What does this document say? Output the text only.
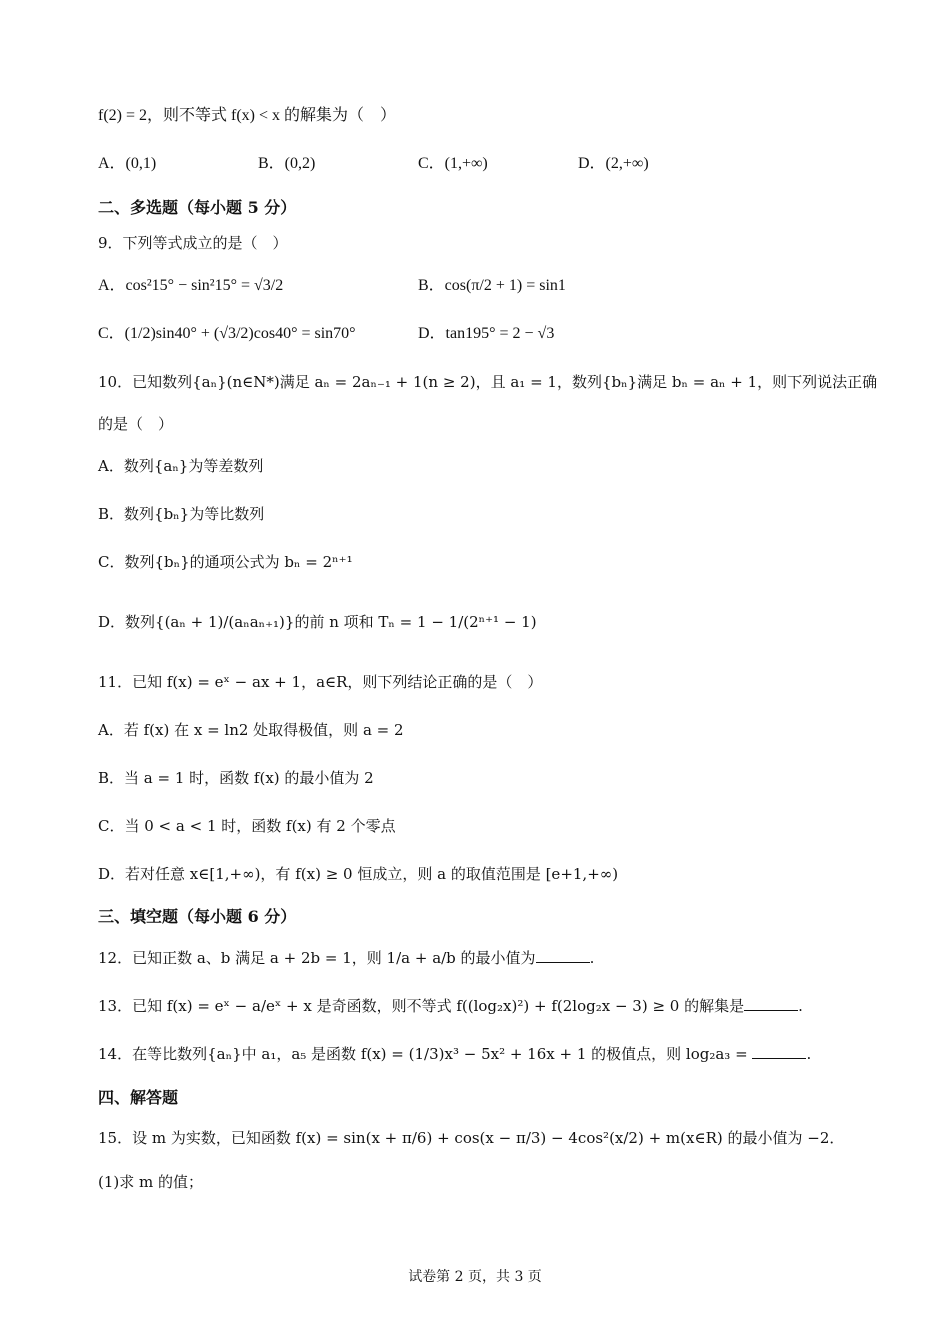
f(2) = 2，则不等式 f(x) < x 的解集为（　）
A．(0,1)	B．(0,2)	C．(1,+∞)	D．(2,+∞)
二、多选题（每小题 5 分）
9．下列等式成立的是（　）
A．cos²15° − sin²15° = √3/2	B．cos(π/2 + 1) = sin1
C．(1/2)sin40° + (√3/2)cos40° = sin70°	D．tan195° = 2 − √3
10．已知数列{aₙ}(n∈N*)满足 aₙ = 2aₙ₋₁ + 1(n ≥ 2)，且 a₁ = 1，数列{bₙ}满足 bₙ = aₙ + 1，则下列说法正确
的是（　）
A．数列{aₙ}为等差数列
B．数列{bₙ}为等比数列
C．数列{bₙ}的通项公式为 bₙ = 2ⁿ⁺¹
D．数列{(aₙ + 1)/(aₙaₙ₊₁)}的前 n 项和 Tₙ = 1 − 1/(2ⁿ⁺¹ − 1)
11．已知 f(x) = eˣ − ax + 1，a∈R，则下列结论正确的是（　）
A．若 f(x) 在 x = ln2 处取得极值，则 a = 2
B．当 a = 1 时，函数 f(x) 的最小值为 2
C．当 0 < a < 1 时，函数 f(x) 有 2 个零点
D．若对任意 x∈[1,+∞)，有 f(x) ≥ 0 恒成立，则 a 的取值范围是 [e+1,+∞)
三、填空题（每小题 6 分）
12．已知正数 a、b 满足 a + 2b = 1，则 1/a + a/b 的最小值为	.
13．已知 f(x) = eˣ − a/eˣ + x 是奇函数，则不等式 f((log₂x)²) + f(2log₂x − 3) ≥ 0 的解集是	.
14．在等比数列{aₙ}中 a₁，a₅ 是函数 f(x) = (1/3)x³ − 5x² + 16x + 1 的极值点，则 log₂a₃ =	.
四、解答题
15．设 m 为实数，已知函数 f(x) = sin(x + π/6) + cos(x − π/3) − 4cos²(x/2) + m(x∈R) 的最小值为 −2．
(1)求 m 的值；
试卷第 2 页，共 3 页
